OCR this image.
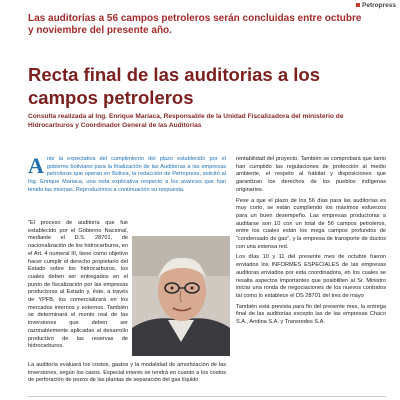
Petropress

Las auditorías a 56 campos petroleros serán concluidas entre octubre y noviembre del presente año.

Recta final de las auditorias a los campos petroleros

Consulta realizada al Ing. Enrique Mariaca, Responsable de la Unidad Fiscalizadora del ministerio de Hidrocarburos y Coordinador General de las Auditorías

Ante la expectativa del cumplimiento del plazo establecido por el gobierno boliviano para la finalización de las Auditorías a las empresas petroleras que operan en Bolivia, la redacción de Petropress, solicitó al Ing. Enrique Mariaca, una nota explicativa respecto a los avances que han tenido las mismas. Reproducimos a continuación su respuesta.

"El proceso de auditoría que fue establecido por el Gobierno Nacional, mediante el D.S. 28701, de nacionalización de los hidrocarburos, en el Art. 4 numeral III, tiene como objetivo hacer cumplir el derecho propietario del Estado sobre los hidrocarburos, los cuales deben ser entregados en el punto de fiscalización por las empresas productoras al Estado y, éste, a través de YPFB, los comercializará en los mercados internos y externos. También se determinará el monto real de las inversiones que deben ser razonablemente aplicadas al desarrollo productivo de las reservas de hidrocarburos.

La auditoría evaluará los costos, gastos y la modalidad de amortización de las inversiones, según los casos. Especial interés se tendrá en cuanto a los costos de perforación de pozos de las plantas de separación del gas líquido

rentabilidad del proyecto. También se comprobará que tanto han cumplido las regulaciones de protección al medio ambiente, el respeto al hábitat y disposiciones que garantizan los derechos de los pueblos indígenas originarios.

Pese a que el plazo de los 56 días para las auditorías es muy corto, se están cumpliendo los máximos esfuerzos para un buen desempeño. Las empresas productoras a auditarse son 10 con un total de 56 campos petroleros, entre los cuales están los mega campos profundos de "condensado de gas", y la empresa de transporte de ductos con una extensa red.

Los días 10 y 11 del presente mes de octubre fueron enviados los INFORMES ESPECIALES de las empresas auditoras enviados por esta coordinadora, en los cuales se resalta aspectos importantes que posibiliten al Sr. Ministro iniciar una ronda de negociaciones de los nuevos contratos tal como lo establece el DS 28701 del tres de mayo

También está prevista para fin del presente mes, la entrega final de las auditorías excepto las de las empresas Chaco S.A., Andina S.A. y Transredes S.A.
